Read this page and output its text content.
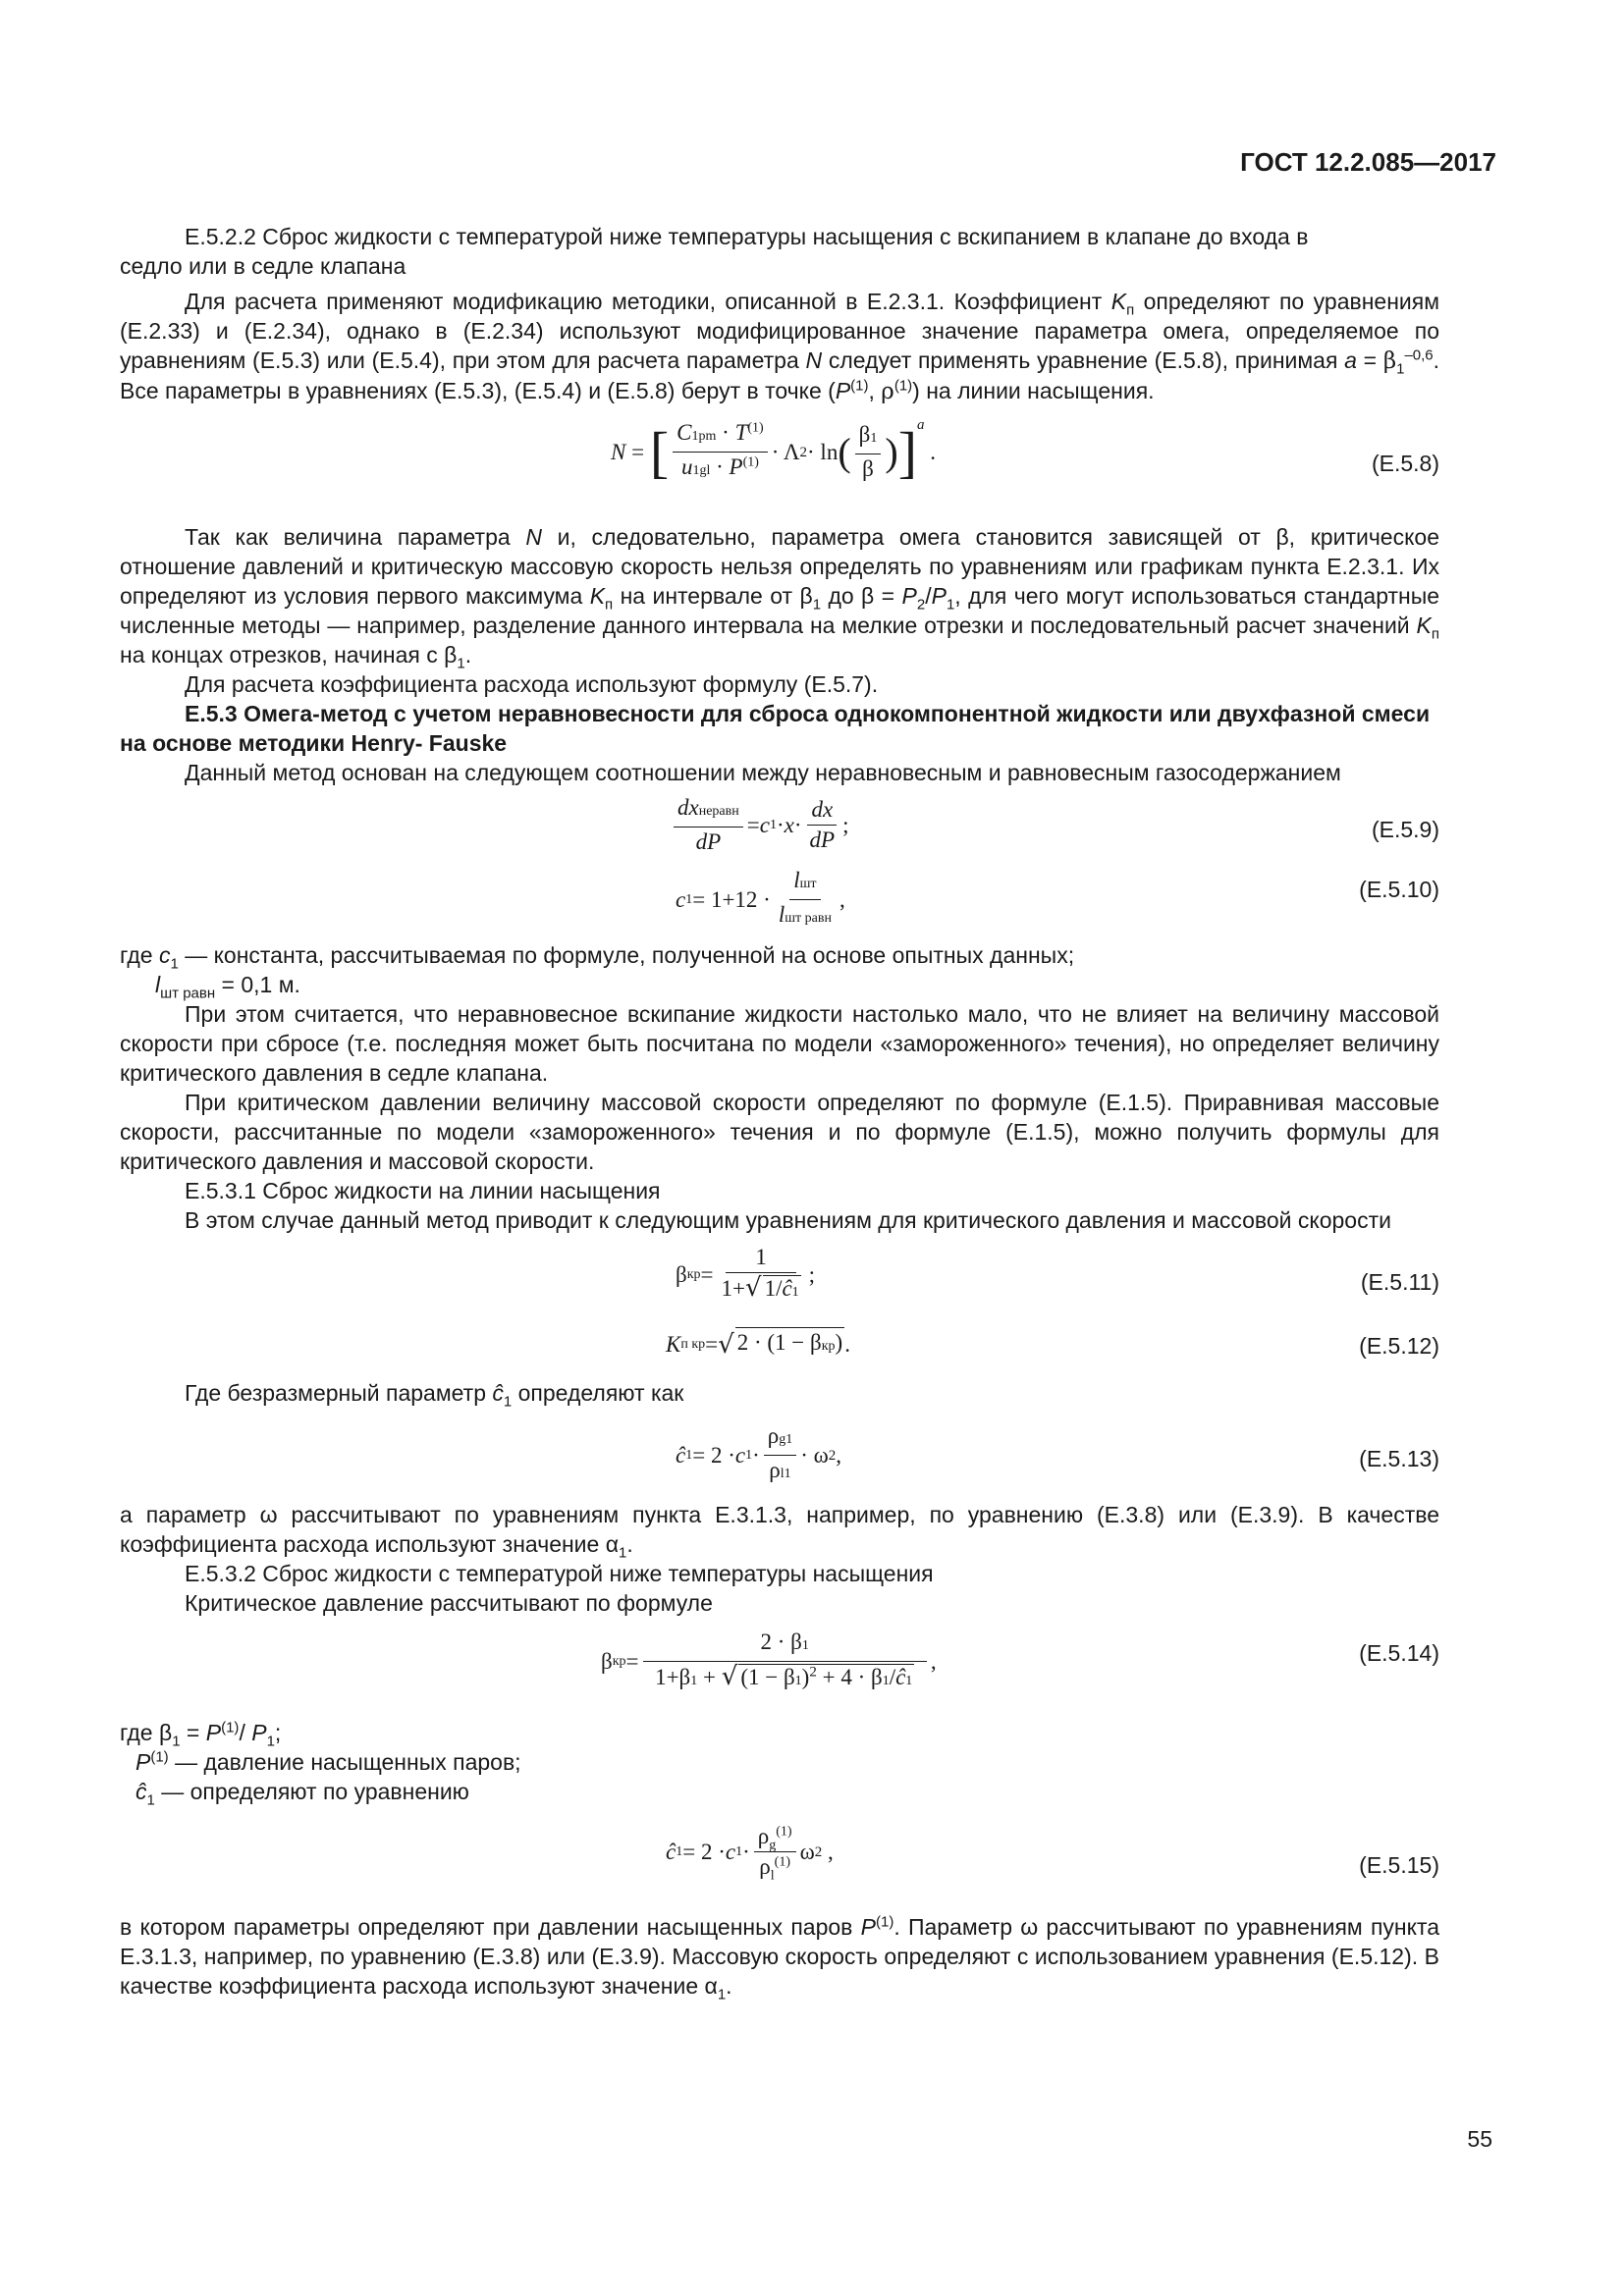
ГОСТ 12.2.085—2017

Е.5.2.2 Сброс жидкости с температурой ниже температуры насыщения с вскипанием в клапане до входа в

седло или в седле клапана

Для расчета применяют модификацию методики, описанной в Е.2.3.1. Коэффициент $K_п$ определяют по уравнениям (Е.2.33) и (Е.2.34), однако в (Е.2.34) используют модифицированное значение параметра омега, определяемое по уравнениям (Е.5.3) или (Е.5.4), при этом для расчета параметра N следует применять уравнение (Е.5.8), принимая $a = \beta_1^{-0,6}$. Все параметры в уравнениях (Е.5.3), (Е.5.4) и (Е.5.8) берут в точке ($P^{(1)}$, $\rho^{(1)}$) на линии насыщения.

N = [ $\frac{C1pm \cdot T^{(1)}}{u1gl \cdot P^{(1)}} \cdot \Lambda$ 2 · ln ( $\frac{\beta 1}{\beta}$ ) ] $^a$
.	(Е.5.8)

Так как величина параметра N и, следовательно, параметра омега становится зависящей от β, критическое отношение давлений и критическую массовую скорость нельзя определять по уравнениям или графикам пункта Е.2.3.1. Их определяют из условия первого максимума $K_п$ на интервале от $\beta_1$ до $\beta = P_2/P_1$, для чего могут использоваться стандартные численные методы — например, разделение данного интервала на мелкие отрезки и последовательный расчет значений $K_п$ на концах отрезков, начиная с $\beta_1$.

Для расчета коэффициента расхода используют формулу (Е.5.7).

Е.5.3 Омега-метод с учетом неравновесности для сброса однокомпонентной жидкости или двухфазной смеси на основе методики Henry- Fauske

Данный метод основан на следующем соотношении между неравновесным и равновесным газосодержанием

$\frac{\text{dxнеравн}}{dP} = c$ $1 \cdot x \cdot \frac{dx}{dP}$ ;	(Е.5.9)
c $1 = 1+12 \cdot \frac{\text{lшт}}{\text{lшт равн}}$ ,	(Е.5.10)

где $c_1$ — константа, рассчитываемая по формуле, полученной на основе опытных данных;

$l_{шт равн} = 0,1$ м.

При этом считается, что неравновесное вскипание жидкости настолько мало, что не влияет на величину массовой скорости при сбросе (т.е. последняя может быть посчитана по модели «замороженного» течения), но определяет величину критического давления в седле клапана.

При критическом давлении величину массовой скорости определяют по формуле (Е.1.5). Приравнивая массовые скорости, рассчитанные по модели «замороженного» течения и по формуле (Е.1.5), можно получить формулы для критического давления и массовой скорости.

Е.5.3.1 Сброс жидкости на линии насыщения

В этом случае данный метод приводит к следующим уравнениям для критического давления и массовой скорости

β кр = $\frac{1}{1+√ 1/ĉ1}$ ;	(Е.5.11)
K п кр = √ 2 · (1 − βкр) .	(Е.5.12)

Где безразмерный параметр $ĉ_1$ определяют как

ĉ 1 = 2 · c $1 \cdot \frac{\rho g1}{\rho l1} \cdot \omega$ 2 ,	(Е.5.13)

а параметр ω рассчитывают по уравнениям пункта Е.3.1.3, например, по уравнению (Е.3.8) или (Е.3.9). В качестве коэффициента расхода используют значение $\alpha_1$.

Е.5.3.2 Сброс жидкости с температурой ниже температуры насыщения

Критическое давление рассчитывают по формуле

β кр = $\frac{2 \cdot \beta 1}{1+\beta 1 + √ (1 - \beta 1)^2 + 4 \cdot \beta 1/ĉ1}$ ,	(Е.5.14)

где $\beta_1 = P^{(1)}/$ $P_1$;

$P^{(1)}$ — давление насыщенных паров;

$ĉ_1$ — определяют по уравнению

ĉ 1 = 2 · c $1 \cdot \frac{\rho_g^{(1)}}{\rho_l^{(1)}}$ ω 2 ,
(Е.5.15)

в котором параметры определяют при давлении насыщенных паров $P^{(1)}$. Параметр ω рассчитывают по уравнениям пункта Е.3.1.3, например, по уравнению (Е.3.8) или (Е.3.9). Массовую скорость определяют с использованием уравнения (Е.5.12). В качестве коэффициента расхода используют значение $\alpha_1$.

55
